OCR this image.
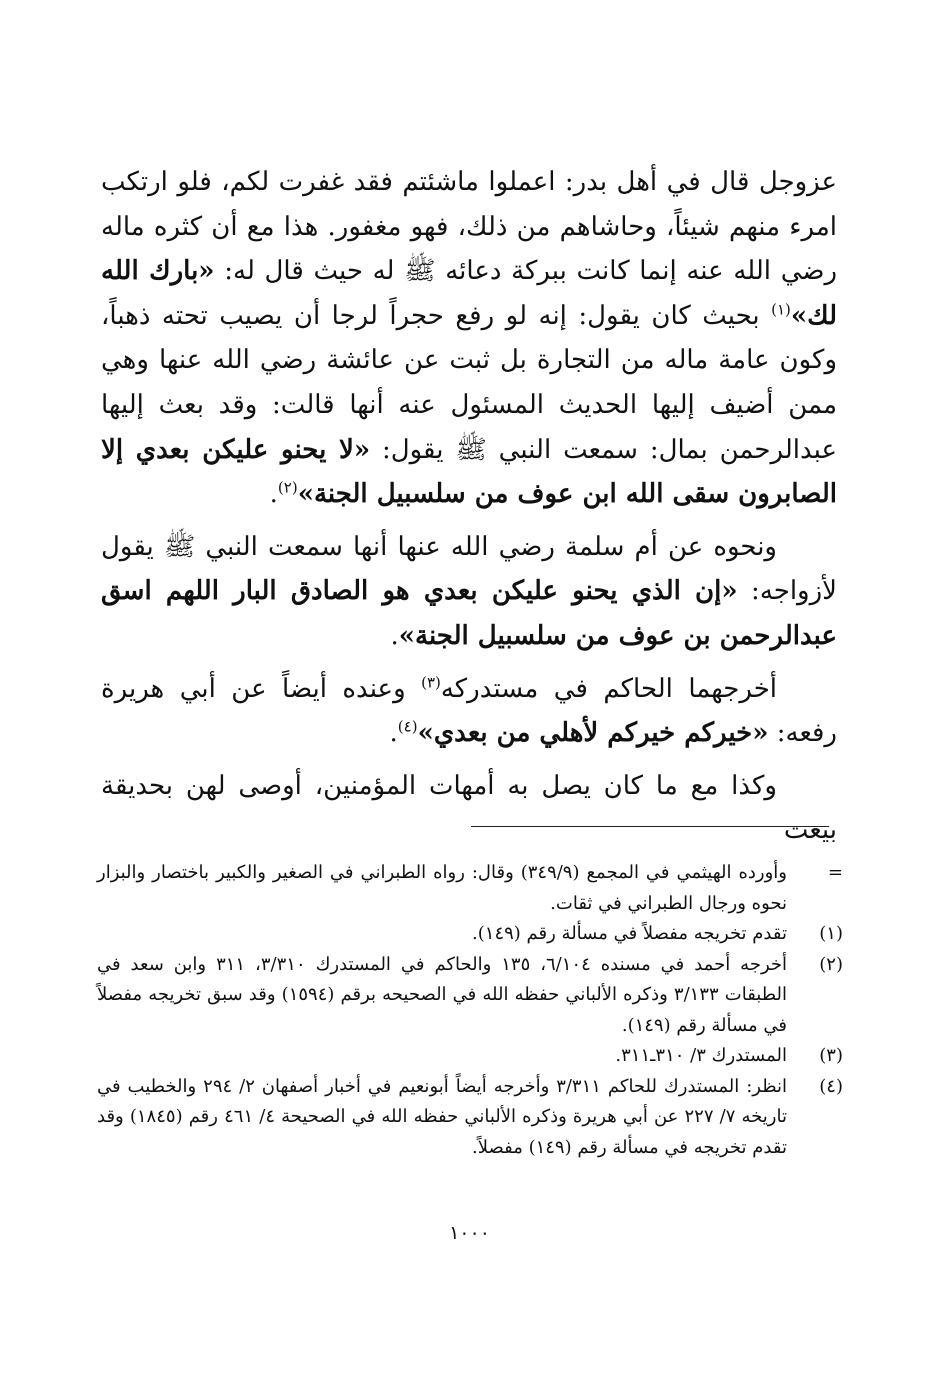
عزوجل قال في أهل بدر: اعملوا ماشئتم فقد غفرت لكم، فلو ارتكب امرء منهم شيئاً، وحاشاهم من ذلك، فهو مغفور. هذا مع أن كثره ماله رضي الله عنه إنما كانت ببركة دعائه ﷺ له حيث قال له: «بارك الله لك»$^{(١)}$ بحيث كان يقول: إنه لو رفع حجراً لرجا أن يصيب تحته ذهباً، وكون عامة ماله من التجارة بل ثبت عن عائشة رضي الله عنها وهي ممن أضيف إليها الحديث المسئول عنه أنها قالت: وقد بعث إليها عبدالرحمن بمال: سمعت النبي ﷺ يقول: «لا يحنو عليكن بعدي إلا الصابرون سقى الله ابن عوف من سلسبيل الجنة»$^{(٢)}$.

ونحوه عن أم سلمة رضي الله عنها أنها سمعت النبي ﷺ يقول لأزواجه: «إن الذي يحنو عليكن بعدي هو الصادق البار اللهم اسق عبدالرحمن بن عوف من سلسبيل الجنة».

أخرجهما الحاكم في مستدركه$^{(٣)}$ وعنده أيضاً عن أبي هريرة رفعه: «خيركم خيركم لأهلي من بعدي»$^{(٤)}$.

وكذا مع ما كان يصل به أمهات المؤمنين، أوصى لهن بحديقة بيعت

=
وأورده الهيثمي في المجمع (٣٤٩/٩) وقال: رواه الطبراني في الصغير والكبير باختصار والبزار نحوه ورجال الطبراني في ثقات.
(١)
تقدم تخريجه مفصلاً في مسألة رقم (١٤٩).
(٢)
أخرجه أحمد في مسنده ٦/١٠٤، ١٣٥ والحاكم في المستدرك ٣/٣١٠، ٣١١ وابن سعد في الطبقات ٣/١٣٣ وذكره الألباني حفظه الله في الصحيحه برقم (١٥٩٤) وقد سبق تخريجه مفصلاً في مسألة رقم (١٤٩).
(٣)
المستدرك ٣/ ٣١٠ـ٣١١.
(٤)
انظر: المستدرك للحاكم ٣/٣١١ وأخرجه أيضاً أبونعيم في أخبار أصفهان ٢/ ٢٩٤ والخطيب في تاريخه ٧/ ٢٢٧ عن أبي هريرة وذكره الألباني حفظه الله في الصحيحة ٤/ ٤٦١ رقم (١٨٤٥) وقد تقدم تخريجه في مسألة رقم (١٤٩) مفصلاً.
١٠٠٠
